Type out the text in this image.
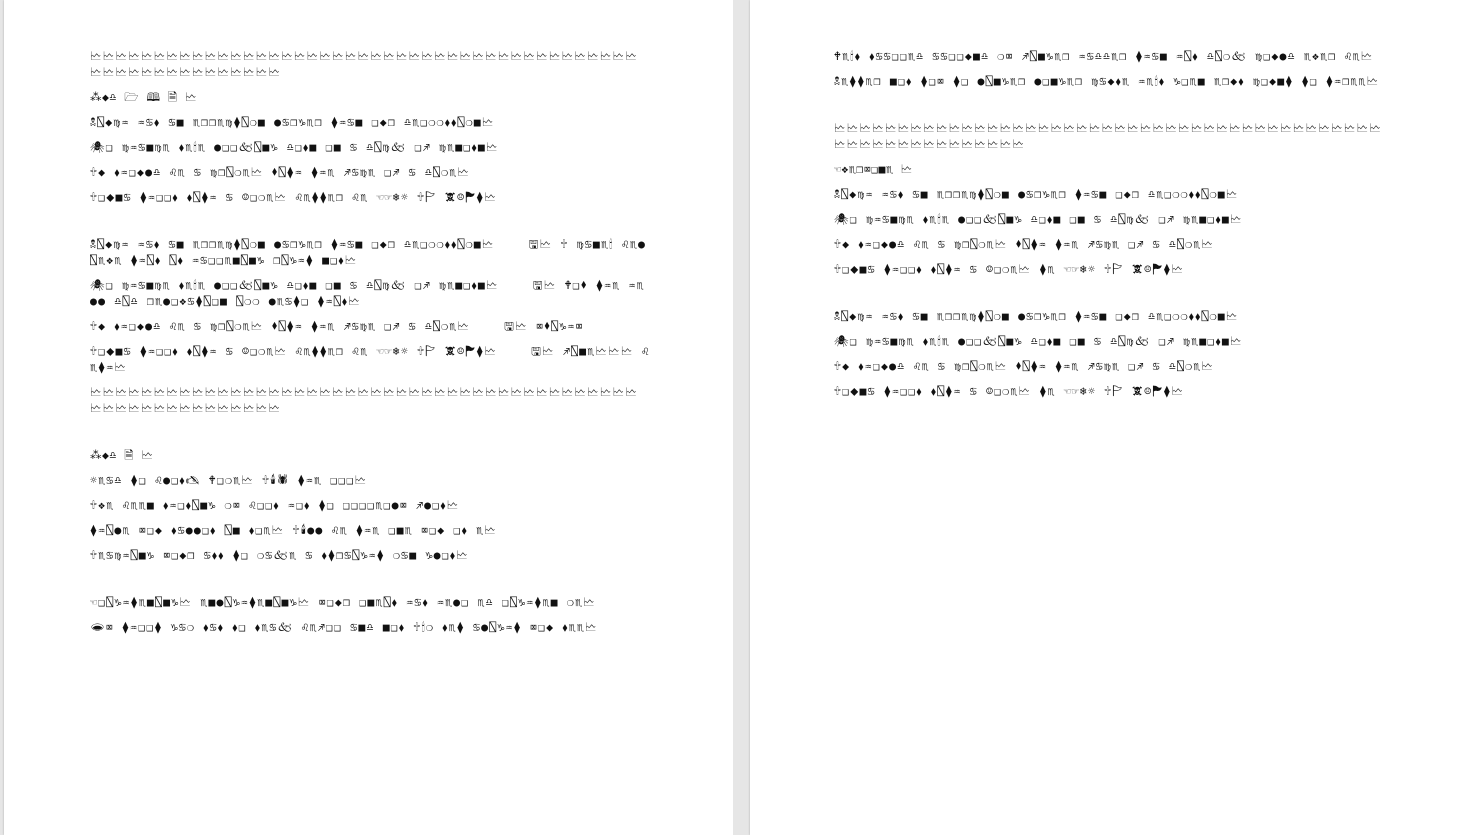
🗠🗠🗠🗠🗠🗠🗠🗠🗠🗠🗠🗠🗠🗠🗠🗠🗠🗠🗠🗠🗠🗠🗠🗠🗠🗠🗠🗠🗠🗠🗠🗠🗠🗠🗠🗠🗠🗠🗠🗠🗠🗠🗠🗠🗠🗠🗠🗠🗠🗠🗠🗠🗠🗠🗠🗠🗠🗠

⁂◆♎ 🗁 🕮 🗎 🗠

🕱⍂◆♍♒ ♒♋⬧ ♋■ ♏❒❒♏♍⧫⍂❍■ ●♋❒♑♏❒ ⧫♒♋■ ❑◆❒ ♎♏❑❍❍⬧⬧⍂❍■🗠

🕷❑ ♍♒♋■♍♏ ⬧♏🕯♏ ●❑❑🙵⍂■♑ ♎❑⬧■ ❑■ ♋ ♎⍂♍🙵 ❑♐ ♍♏■❑⬧■🗠

🕆◆ ⬧♒❑◆●♎ ♌♏ ♋ ♍❒⍂❍♏🗠 ⬧⍂⧫♒ ⧫♒♏ ♐♋♍♏ ❑♐ ♋ ♎⍂❍♏🗠

🕆❑⬥■♋ ⧫♒❑❑⬧ ⬧⍂⧫♒ ♋ ☺❑❍♏🗠 ♌♏⧫⧫♏❒ ♌♏ ☜☞❄☼ 🕆🏱 🕱☹🏲⧫🗠

🕱⍂◆♍♒ ♒♋⬧ ♋■ ♏❒❒♏♍⧫⍂❍■ ●♋❒♑♏❒ ⧫♒♋■ ❑◆❒ ♎♏❑❍❍⬧⬧⍂❍■🗠	🖫🗠 🕆 ♍♋■♏🕯 ♌♏●⍂♏❖♏ ⧫♒⍂⬧ ⍂⬧ ♒♋❑❑♏■⍂■♑ ❒⍂♑♒⧫ ■❑⬧🗠

🕷❑ ♍♒♋■♍♏ ⬧♏🕯♏ ●❑❑🙵⍂■♑ ♎❑⬧■ ❑■ ♋ ♎⍂♍🙵 ❑♐ ♍♏■❑⬧■🗠	🖫🗠 🕈❑⬧ ⧫♒♏ ♒♏●● ♎⍂♎ ❒♏●❑❖♋⧫⍂❑■ ⍂❍❍ ●♏♋⧫❑ ⧫♒⍂⬧🗠

🕆◆ ⬧♒❑◆●♎ ♌♏ ♋ ♍❒⍂❍♏🗠 ⬧⍂⧫♒ ⧫♒♏ ♐♋♍♏ ❑♐ ♋ ♎⍂❍♏🗠	🖫🗠 ⌧⬧⍂♑♒⌧

🕆❑⬥■♋ ⧫♒❑❑⬧ ⬧⍂⧫♒ ♋ ☺❑❍♏🗠 ♌♏⧫⧫♏❒ ♌♏ ☜☞❄☼ 🕆🏱 🕱☹🏲⧫🗠	🖫🗠 ♐⍂■♏🗠🗠🗠 ♌♏⧫♒🗠

🗠🗠🗠🗠🗠🗠🗠🗠🗠🗠🗠🗠🗠🗠🗠🗠🗠🗠🗠🗠🗠🗠🗠🗠🗠🗠🗠🗠🗠🗠🗠🗠🗠🗠🗠🗠🗠🗠🗠🗠🗠🗠🗠🗠🗠🗠🗠🗠🗠🗠🗠🗠🗠🗠🗠🗠🗠🗠

⁂◆♎ 🗎 🗠

☼♏♋♎ ⧫❑ ♌●❑⬧🖎 🕈❑❍♏🗠 🕆🕯🕷 ⧫♒♏ ❑❑❑🗠

🕆❖♏ ♌♏♏■ ⬧♒❑⬧⍂■♑ ❍⌧ ♌❑❑⬧ ♒❑⬧ ⧫❑ ❑❑❑❑♏❑●⌧ ♐●❑⬧🗠

⧫♒⍂●♏ ⌧❑◆ ⬧♋●●❑⬧ ⍂■ ⬧❑♏🗠 🕆🕯●● ♌♏ ⧫♒♏ ❑■♏ ⌧❑◆ ❑⬧ ♏🗠

🕆♏♋♍♒⍂■♑ ⌧❑◆❒ ♋⬧⬧ ⧫❑ ❍♋🙵♏ ♋ ⬧⧫❒♋⍂♑♒⧫ ❍♋■ ♑●❑⬧🗠

☜❑⍂♑♒⧫♏■⍂■♑🗠 ♏■●⍂♑♒⧫♏■⍂■♑🗠 ⌧❑◆❒ ❑■♏⍂⬧ ♒♋⬧ ♒♏●❑ ♏♎ ❑⍂♑♒⧫♏■ ❍♏🗠

🕳⌧ ⧫♒❑❑⧫ ♑♋❍ ⬧♋⬧ ⬧❑ ⬧♏♋🙵 ♌♏♐❑❑ ♋■♎ ■❑⬧ 🕆🕯❍ ⬧♏⧫ ♋●⍂♑♒⧫ ⌧❑◆ ⬧♏♏🗠

🕈♏🕯⬧ ⬧♋♋❑❑♏♎ ♋♋❑❑◆■♎ ❍⌧ ♐⍂■♑♏❒ ♒♋♎♎♏❒ ⧫♒♋■ ♒⍂⬧ ♎⍂❍🙵 ♍❑◆●♎ ♏❖♏❒ ♌♏🗠

🕱♏⧫⧫♏❒ ■❑⬧ ⧫❑⌧ ⧫❑ ●⍂■♑♏❒ ●❑■♑♏❒ ♍♋◆⬧♏ ♒♏🕯⬧ ♑❑♏■ ♏❒◆⬧ ♍❑◆■⧫ ⧫❑ ⧫♒❒♏♏🗠

🗠🗠🗠🗠🗠🗠🗠🗠🗠🗠🗠🗠🗠🗠🗠🗠🗠🗠🗠🗠🗠🗠🗠🗠🗠🗠🗠🗠🗠🗠🗠🗠🗠🗠🗠🗠🗠🗠🗠🗠🗠🗠🗠🗠🗠🗠🗠🗠🗠🗠🗠🗠🗠🗠🗠🗠🗠🗠

☜❖♏❒⌧❑■♏ 🗠

🕱⍂◆♍♒ ♒♋⬧ ♋■ ♏❒❒♏♍⧫⍂❍■ ●♋❒♑♏❒ ⧫♒♋■ ❑◆❒ ♎♏❑❍❍⬧⬧⍂❍■🗠

🕷❑ ♍♒♋■♍♏ ⬧♏🕯♏ ●❑❑🙵⍂■♑ ♎❑⬧■ ❑■ ♋ ♎⍂♍🙵 ❑♐ ♍♏■❑⬧■🗠

🕆◆ ⬧♒❑◆●♎ ♌♏ ♋ ♍❒⍂❍♏🗠 ⬧⍂⧫♒ ⧫♒♏ ♐♋♍♏ ❑♐ ♋ ♎⍂❍♏🗠

🕆❑⬥■♋ ⧫♒❑❑⬧ ⬧⍂⧫♒ ♋ ☺❑❍♏🗠 ⧫♏ ☜☞❄☼ 🕆🏱 🕱☹🏲⧫🗠

🕱⍂◆♍♒ ♒♋⬧ ♋■ ♏❒❒♏♍⧫⍂❍■ ●♋❒♑♏❒ ⧫♒♋■ ❑◆❒ ♎♏❑❍❍⬧⬧⍂❍■🗠

🕷❑ ♍♒♋■♍♏ ⬧♏🕯♏ ●❑❑🙵⍂■♑ ♎❑⬧■ ❑■ ♋ ♎⍂♍🙵 ❑♐ ♍♏■❑⬧■🗠

🕆◆ ⬧♒❑◆●♎ ♌♏ ♋ ♍❒⍂❍♏🗠 ⬧⍂⧫♒ ⧫♒♏ ♐♋♍♏ ❑♐ ♋ ♎⍂❍♏🗠

🕆❑⬥■♋ ⧫♒❑❑⬧ ⬧⍂⧫♒ ♋ ☺❑❍♏🗠 ⧫♏ ☜☞❄☼ 🕆🏱 🕱☹🏲⧫🗠
